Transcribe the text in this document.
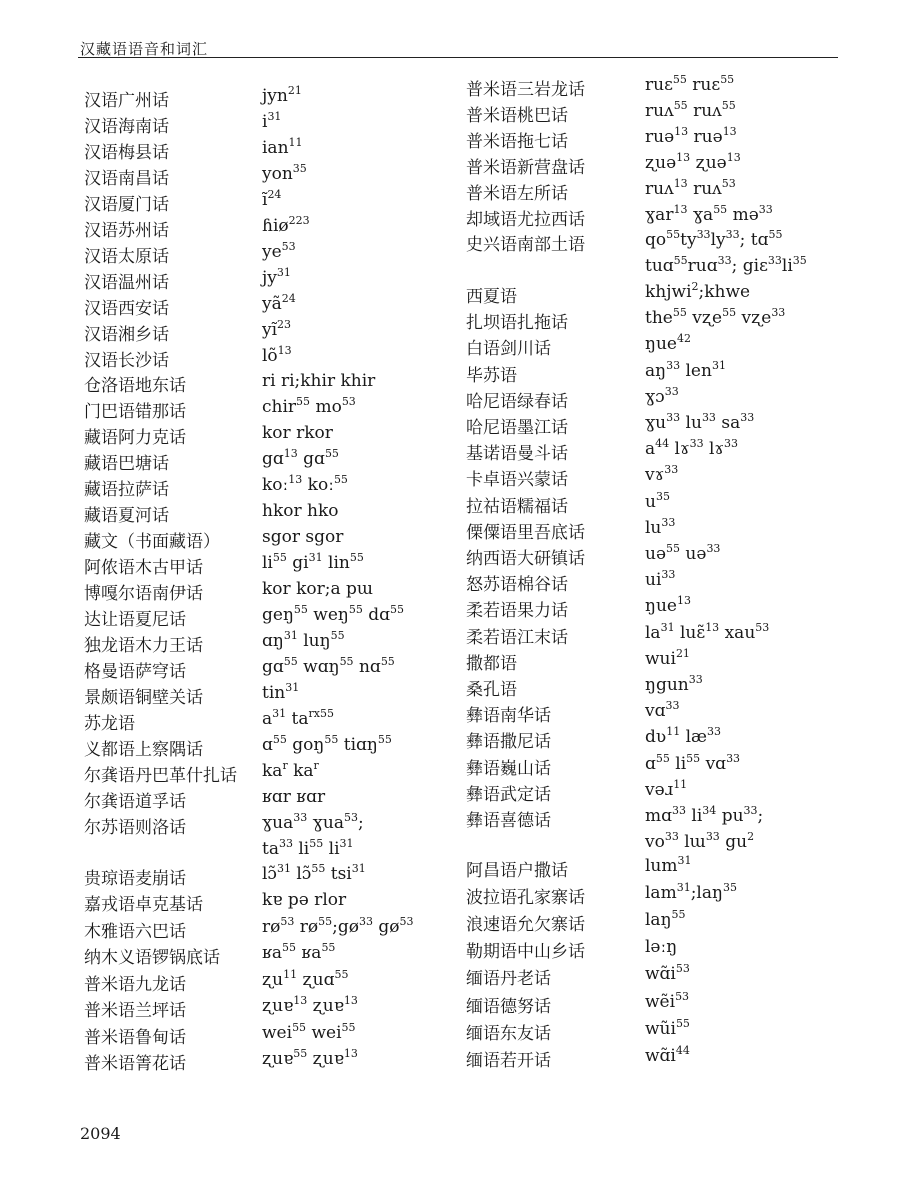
汉藏语语音和词汇
汉语广州话	jyn$^{21}$
汉语海南话	$i^{31}$
汉语梅县话	ian$^{11}$
汉语南昌话	yon$^{35}$
汉语厦门话	$ĩ^{24}$
汉语苏州话	ɦiø$^{223}$
汉语太原话	$ye^{53}$
汉语温州话	$jy^{31}$
汉语西安话	$yã^{24}$
汉语湘乡话	$yĩ^{23}$
汉语长沙话	$lõ^{13}$
仓洛语地东话	ri ri;khir khir
门巴语错那话	chir$^{55}$ $mo^{53}$
藏语阿力克话	kor rkor
藏语巴塘话	gɑ$^{13}$ gɑ$^{55}$
藏语拉萨话	koː$^{13}$ koː$^{55}$
藏语夏河话	hkor hko
藏文（书面藏语） sgor sgor
阿侬语木古甲话	$li^{55}$ $gi^{31}$ lin$^{55}$
博嘎尔语南伊话	kor kor;a pɯ
达让语夏尼话	geŋ$^{55}$ weŋ$^{55}$ dɑ$^{55}$
独龙语木力王话	ɑŋ$^{31}$ luŋ$^{55}$
格曼语萨穹话	gɑ$^{55}$ wɑŋ$^{55}$ nɑ$^{55}$
景颇语铜壁关话	tin$^{31}$
苏龙语	$a^{31}$ $ta^{rx55}$
义都语上察隅话	ɑ$^{55}$ goŋ$^{55}$ tiɑŋ$^{55}$
尔龚语丹巴革什扎话 $ka^r$ $ka^r$
尔龚语道孚话	ʁɑr ʁɑr
尔苏语则洛话	ɣua$^{33}$ ɣua$^{53}$;
$ta^{33}$ $li^{55}$ $li^{31}$
贵琼语麦崩话	lɔ̃$^{31}$ lɔ̃$^{55}$ tsi$^{31}$
嘉戎语卓克基话	kɐ pə rlor
木雅语六巴话	$rø^{53}$ $rø^{55};gø^{33}$ $gø^{53}$
纳木义语锣锅底话 ʁa$^{55}$ ʁa$^{55}$
普米语九龙话	ʐu$^{11}$ ʐuɑ$^{55}$
普米语兰坪话	ʐuɐ$^{13}$ ʐuɐ$^{13}$
普米语鲁甸话	wei$^{55}$ wei$^{55}$
普米语箐花话	ʐuɐ$^{55}$ ʐuɐ$^{13}$
普米语三岩龙话	ruɛ$^{55}$ ruɛ$^{55}$
普米语桃巴话	ruʌ$^{55}$ ruʌ$^{55}$
普米语拖七话	ruə$^{13}$ ruə$^{13}$
普米语新营盘话	ʐuə$^{13}$ ʐuə$^{13}$
普米语左所话	ruʌ$^{13}$ ruʌ$^{53}$
却域语尤拉西话	ɣar$^{13}$ ɣa$^{55}$ mə$^{33}$
史兴语南部土语	$qo^{55}ty^{33}ly^{33}$; tɑ$^{55}$
tuɑ$^{55}$ruɑ$^{33}$; $giɛ^{33}li^{35}$
西夏语	khjwi$^2$;khwe
扎坝语扎拖话	the$^{55}$ vʐe$^{55}$ vʐe$^{33}$
白语剑川话	ŋue$^{42}$
毕苏语	$aŋ^{33}$ len$^{31}$
哈尼语绿春话	ɣɔ$^{33}$
哈尼语墨江话	ɣu$^{33}$ $lu^{33}$ $sa^{33}$
基诺语曼斗话	$a^{44}$ lɤ$^{33}$ lɤ$^{33}$
卡卓语兴蒙话	vɤ$^{33}$
拉祜语糯福话	$u^{35}$
傈僳语里吾底话	$lu^{33}$
纳西语大研镇话	uə$^{55}$ uə$^{33}$
怒苏语棉谷话	$ui^{33}$
柔若语果力话	ŋue$^{13}$
柔若语江末话	$la^{31}$ luɛ̃$^{13}$ xau$^{53}$
撒都语	wui$^{21}$
桑孔语	ŋgun$^{33}$
彝语南华话	vɑ$^{33}$
彝语撒尼话	dʋ$^{11}$ $læ^{33}$
彝语巍山话	ɑ$^{55}$ $li^{55}$ vɑ$^{33}$
彝语武定话	vəɹ$^{11}$
彝语喜德话	mɑ$^{33}$ $li^{34}$ $pu^{33}$;
$vo^{33}$ lɯ$^{33}$ $gu^2$
阿昌语户撒话	lum$^{31}$
波拉语孔家寨话	lam$^{31}$;laŋ$^{35}$
浪速语允欠寨话	laŋ$^{55}$
勒期语中山乡话	ləːŋ
缅语丹老话	$wɑ̃i^{53}$
缅语德努话	wẽi$^{53}$
缅语东友话	wũi$^{55}$
缅语若开话	$wɑ̃i^{44}$
2094
